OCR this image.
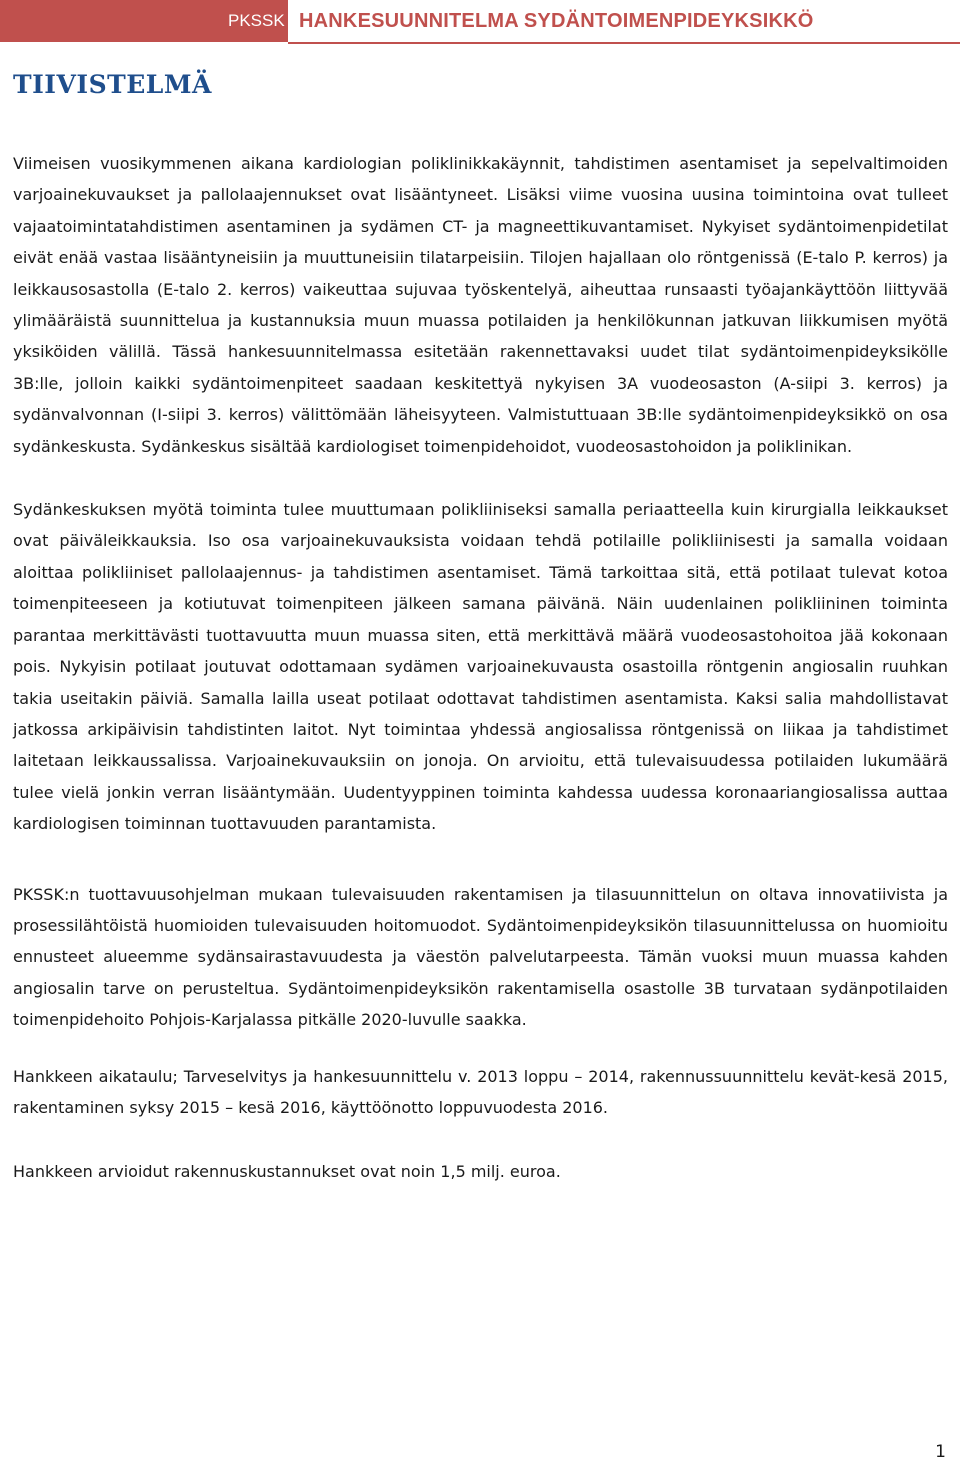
PKSSK HANKESUUNNITELMA SYDÄNTOIMENPIDEYKSIKKÖ
TIIVISTELMÄ

Viimeisen vuosikymmenen aikana kardiologian poliklinikkakäynnit, tahdistimen asentamiset ja sepelvaltimoiden varjoainekuvaukset ja pallolaajennukset ovat lisääntyneet. Lisäksi viime vuosina uusina toimintoina ovat tulleet vajaatoimintatahdistimen asentaminen ja sydämen CT- ja magneettikuvantamiset. Nykyiset sydäntoimenpidetilat eivät enää vastaa lisääntyneisiin ja muuttuneisiin tilatarpeisiin. Tilojen hajallaan olo röntgenissä (E-talo P. kerros) ja leikkausosastolla (E-talo 2. kerros) vaikeuttaa sujuvaa työskentelyä, aiheuttaa runsaasti työajankäyttöön liittyvää ylimääräistä suunnittelua ja kustannuksia muun muassa potilaiden ja henkilökunnan jatkuvan liikkumisen myötä yksiköiden välillä. Tässä hankesuunnitelmassa esitetään rakennettavaksi uudet tilat sydäntoimenpideyksikölle 3B:lle, jolloin kaikki sydäntoimenpiteet saadaan keskitettyä nykyisen 3A vuodeosaston (A-siipi 3. kerros) ja sydänvalvonnan (I-siipi 3. kerros) välittömään läheisyyteen. Valmistuttuaan 3B:lle sydäntoimenpideyksikkö on osa sydänkeskusta. Sydänkeskus sisältää kardiologiset toimenpidehoidot, vuodeosastohoidon ja poliklinikan.

Sydänkeskuksen myötä toiminta tulee muuttumaan polikliiniseksi samalla periaatteella kuin kirurgialla leikkaukset ovat päiväleikkauksia. Iso osa varjoainekuvauksista voidaan tehdä potilaille polikliinisesti ja samalla voidaan aloittaa polikliiniset pallolaajennus- ja tahdistimen asentamiset. Tämä tarkoittaa sitä, että potilaat tulevat kotoa toimenpiteeseen ja kotiutuvat toimenpiteen jälkeen samana päivänä. Näin uudenlainen polikliininen toiminta parantaa merkittävästi tuottavuutta muun muassa siten, että merkittävä määrä vuodeosastohoitoa jää kokonaan pois. Nykyisin potilaat joutuvat odottamaan sydämen varjoainekuvausta osastoilla röntgenin angiosalin ruuhkan takia useitakin päiviä. Samalla lailla useat potilaat odottavat tahdistimen asentamista. Kaksi salia mahdollistavat jatkossa arkipäivisin tahdistinten laitot. Nyt toimintaa yhdessä angiosalissa röntgenissä on liikaa ja tahdistimet laitetaan leikkaussalissa. Varjoainekuvauksiin on jonoja. On arvioitu, että tulevaisuudessa potilaiden lukumäärä tulee vielä jonkin verran lisääntymään. Uudentyyppinen toiminta kahdessa uudessa koronaariangiosalissa auttaa kardiologisen toiminnan tuottavuuden parantamista.

PKSSK:n tuottavuusohjelman mukaan tulevaisuuden rakentamisen ja tilasuunnittelun on oltava innovatiivista ja prosessilähtöistä huomioiden tulevaisuuden hoitomuodot. Sydäntoimenpideyksikön tilasuunnittelussa on huomioitu ennusteet alueemme sydänsairastavuudesta ja väestön palvelutarpeesta. Tämän vuoksi muun muassa kahden angiosalin tarve on perusteltua. Sydäntoimenpideyksikön rakentamisella osastolle 3B turvataan sydänpotilaiden toimenpidehoito Pohjois-Karjalassa pitkälle 2020-luvulle saakka.

Hankkeen aikataulu; Tarveselvitys ja hankesuunnittelu v. 2013 loppu – 2014, rakennussuunnittelu kevät-kesä 2015, rakentaminen syksy 2015 – kesä 2016, käyttöönotto loppuvuodesta 2016.

Hankkeen arvioidut rakennuskustannukset ovat noin 1,5 milj. euroa.

1
